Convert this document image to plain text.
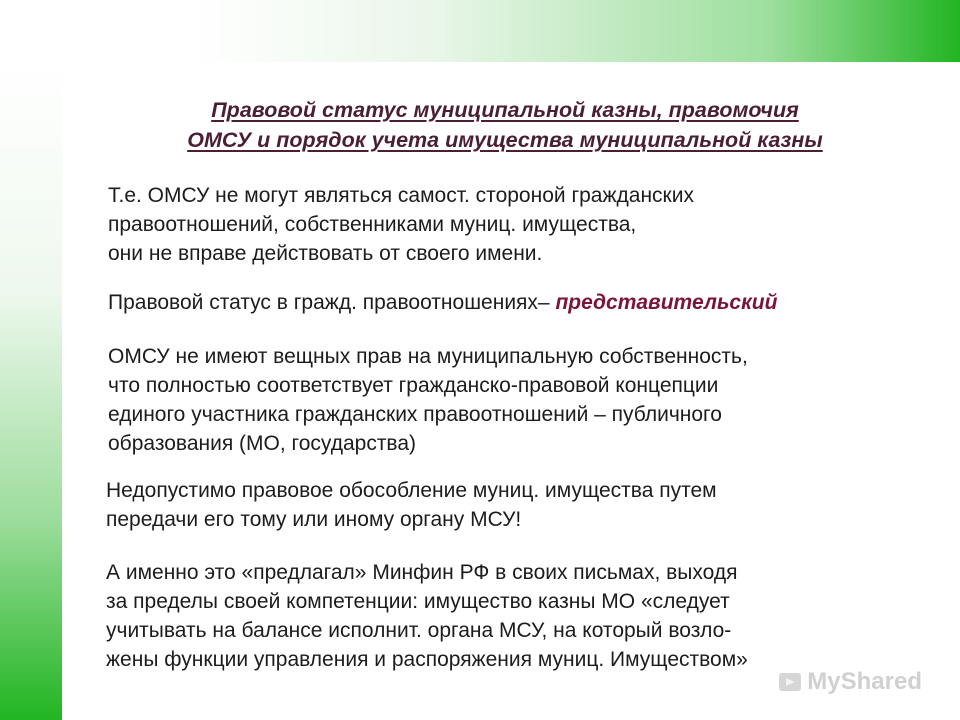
Правовой статус муниципальной казны, правомочия
ОМСУ и порядок учета имущества муниципальной казны

Т.е. ОМСУ не могут являться самост. стороной гражданских
правоотношений, собственниками муниц. имущества,
они не вправе действовать от своего имени.

Правовой статус в гражд. правоотношениях– представительский

ОМСУ не имеют вещных прав на муниципальную собственность,
что полностью соответствует гражданско-правовой концепции
единого участника гражданских правоотношений – публичного
образования (МО, государства)

Недопустимо правовое обособление муниц. имущества путем
передачи его тому или иному органу МСУ!

А именно это «предлагал» Минфин РФ в своих письмах, выходя
за пределы своей компетенции: имущество казны МО «следует
учитывать на балансе исполнит. органа МСУ, на который возло-
жены функции управления и распоряжения муниц. Имуществом»

MyShared
